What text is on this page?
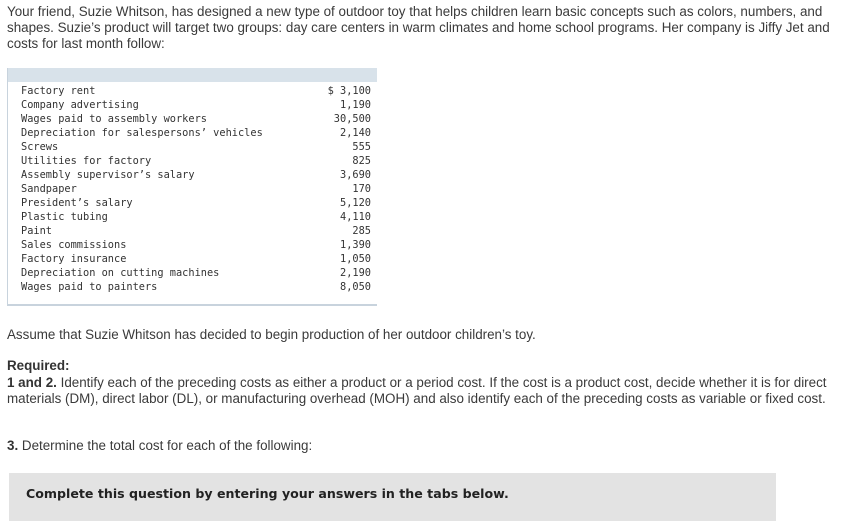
Your friend, Suzie Whitson, has designed a new type of outdoor toy that helps children learn basic concepts such as colors, numbers, and shapes. Suzie’s product will target two groups: day care centers in warm climates and home school programs. Her company is Jiffy Jet and costs for last month follow:

Factory rent	$ 3,100
Company advertising	1,190
Wages paid to assembly workers	30,500
Depreciation for salespersons’ vehicles	2,140
Screws	555
Utilities for factory	825
Assembly supervisor’s salary	3,690
Sandpaper	170
President’s salary	5,120
Plastic tubing	4,110
Paint	285
Sales commissions	1,390
Factory insurance	1,050
Depreciation on cutting machines	2,190
Wages paid to painters	8,050

Assume that Suzie Whitson has decided to begin production of her outdoor children’s toy.

Required:

1 and 2. Identify each of the preceding costs as either a product or a period cost. If the cost is a product cost, decide whether it is for direct materials (DM), direct labor (DL), or manufacturing overhead (MOH) and also identify each of the preceding costs as variable or fixed cost.

3. Determine the total cost for each of the following:

Complete this question by entering your answers in the tabs below.
